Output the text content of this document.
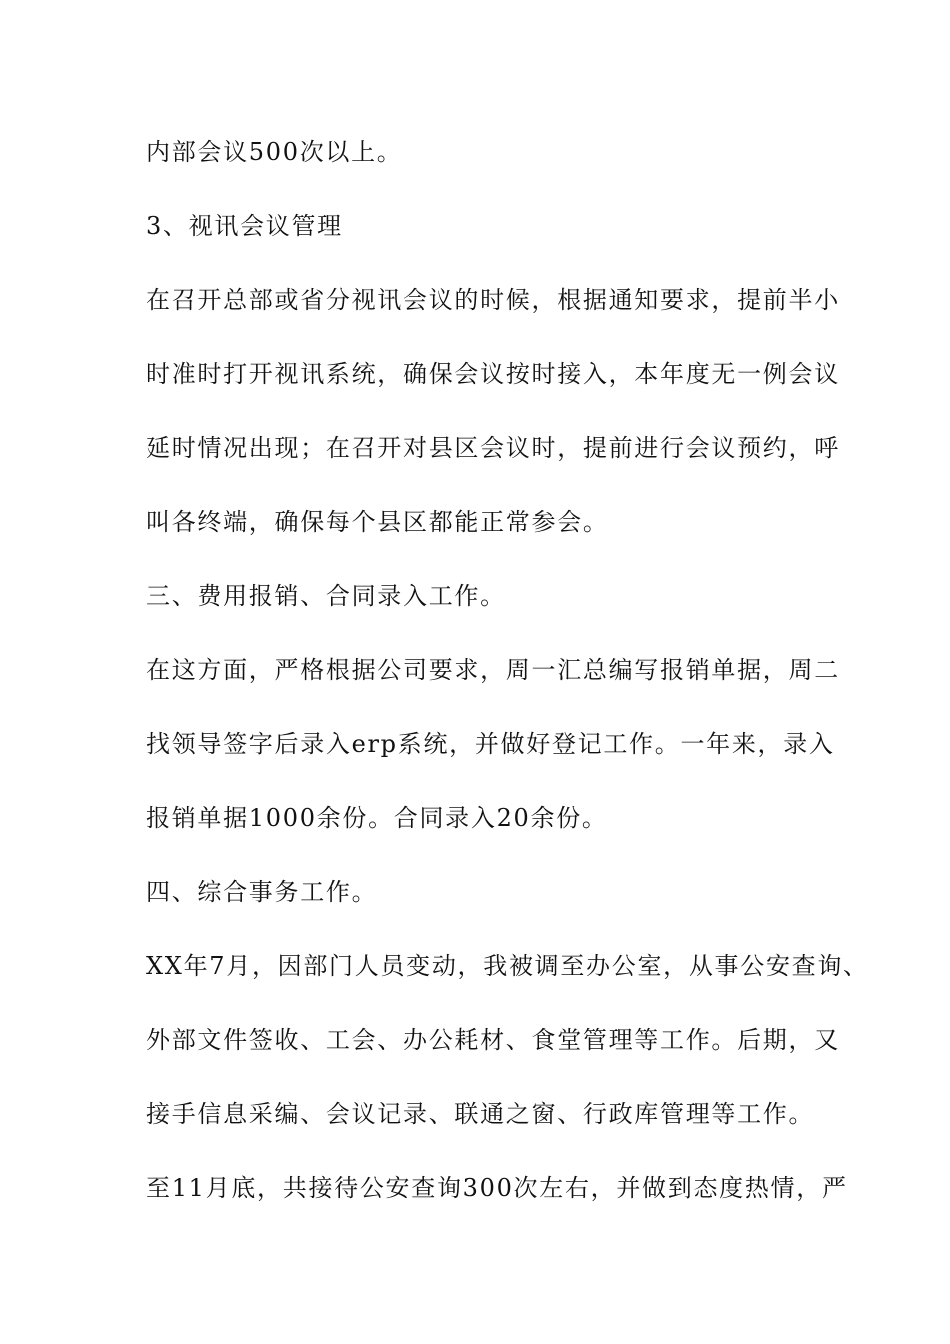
内部会议500次以上。
3、视讯会议管理
在召开总部或省分视讯会议的时候，根据通知要求，提前半小
时准时打开视讯系统，确保会议按时接入，本年度无一例会议
延时情况出现；在召开对县区会议时，提前进行会议预约，呼
叫各终端，确保每个县区都能正常参会。
三、费用报销、合同录入工作。
在这方面，严格根据公司要求，周一汇总编写报销单据，周二
找领导签字后录入erp系统，并做好登记工作。一年来，录入
报销单据1000余份。合同录入20余份。
四、综合事务工作。
XX年7月，因部门人员变动，我被调至办公室，从事公安查询、
外部文件签收、工会、办公耗材、食堂管理等工作。后期，又
接手信息采编、会议记录、联通之窗、行政库管理等工作。
至11月底，共接待公安查询300次左右，并做到态度热情，严
